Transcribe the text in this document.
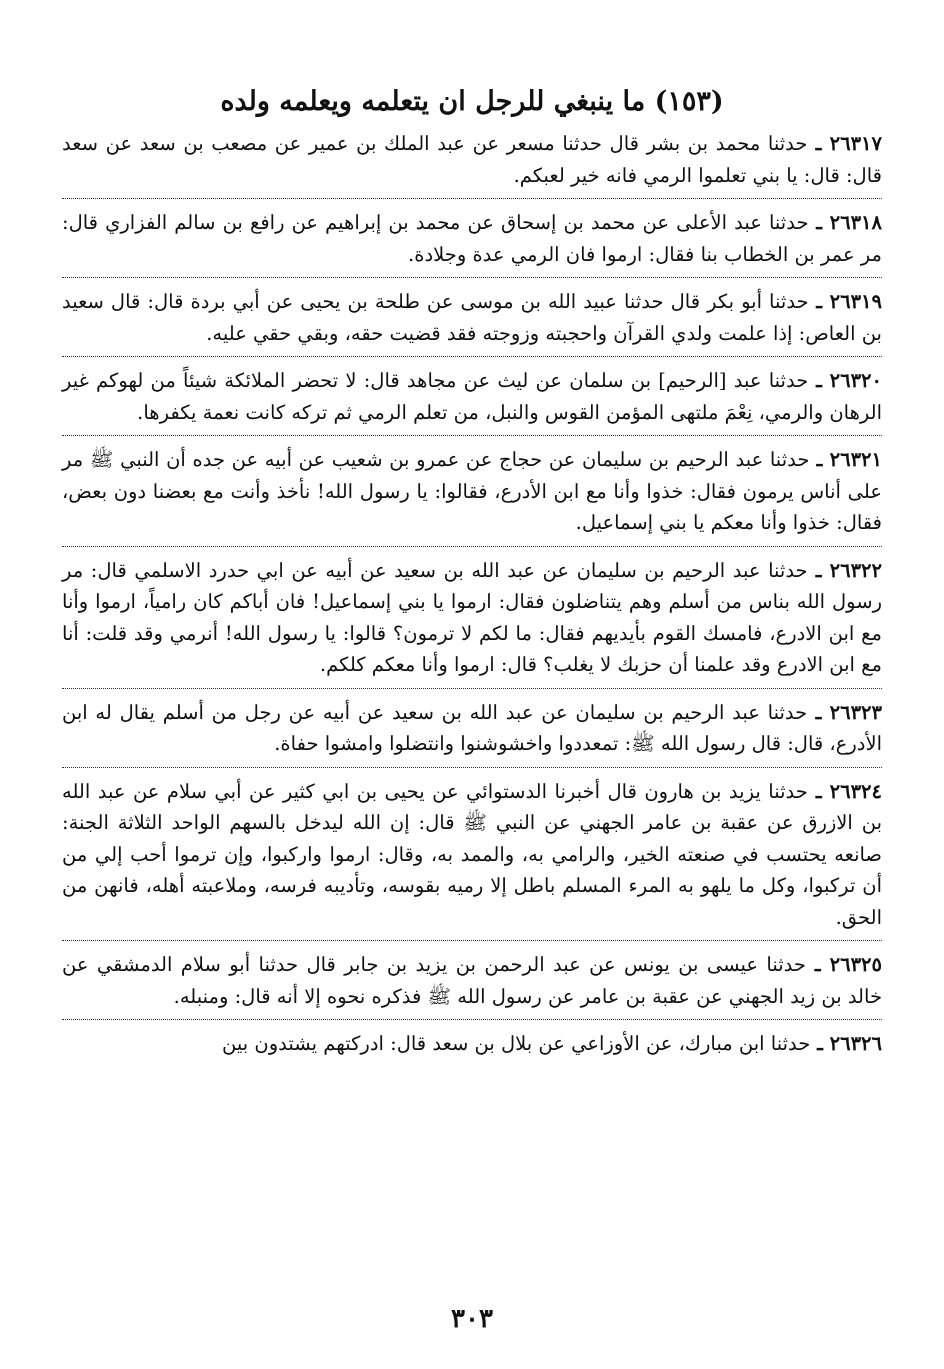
(١٥٣) ما ينبغي للرجل ان يتعلمه ويعلمه ولده

٢٦٣١٧ ـ حدثنا محمد بن بشر قال حدثنا مسعر عن عبد الملك بن عمير عن مصعب بن سعد عن سعد قال: قال: يا بني تعلموا الرمي فانه خير لعبكم.

٢٦٣١٨ ـ حدثنا عبد الأعلى عن محمد بن إسحاق عن محمد بن إبراهيم عن رافع بن سالم الفزاري قال: مر عمر بن الخطاب بنا فقال: ارموا فان الرمي عدة وجلادة.

٢٦٣١٩ ـ حدثنا أبو بكر قال حدثنا عبيد الله بن موسى عن طلحة بن يحيى عن أبي بردة قال: قال سعيد بن العاص: إذا علمت ولدي القرآن واحجبته وزوجته فقد قضيت حقه، وبقي حقي عليه.

٢٦٣٢٠ ـ حدثنا عبد [الرحيم] بن سلمان عن ليث عن مجاهد قال: لا تحضر الملائكة شيئاً من لهوكم غير الرهان والرمي، نِعْمَ ملتهى المؤمن القوس والنبل، من تعلم الرمي ثم تركه كانت نعمة يكفرها.

٢٦٣٢١ ـ حدثنا عبد الرحيم بن سليمان عن حجاج عن عمرو بن شعيب عن أبيه عن جده أن النبي ﷺ مر على أناس يرمون فقال: خذوا وأنا مع ابن الأدرع، فقالوا: يا رسول الله! نأخذ وأنت مع بعضنا دون بعض، فقال: خذوا وأنا معكم يا بني إسماعيل.

٢٦٣٢٢ ـ حدثنا عبد الرحيم بن سليمان عن عبد الله بن سعيد عن أبيه عن ابي حدرد الاسلمي قال: مر رسول الله بناس من أسلم وهم يتناضلون فقال: ارموا يا بني إسماعيل! فان أباكم كان رامياً، ارموا وأنا مع ابن الادرع، فامسك القوم بأيديهم فقال: ما لكم لا ترمون؟ قالوا: يا رسول الله! أنرمي وقد قلت: أنا مع ابن الادرع وقد علمنا أن حزبك لا يغلب؟ قال: ارموا وأنا معكم كلكم.

٢٦٣٢٣ ـ حدثنا عبد الرحيم بن سليمان عن عبد الله بن سعيد عن أبيه عن رجل من أسلم يقال له ابن الأدرع، قال: قال رسول الله ﷺ: تمعددوا واخشوشنوا وانتضلوا وامشوا حفاة.

٢٦٣٢٤ ـ حدثنا يزيد بن هارون قال أخبرنا الدستوائي عن يحيى بن ابي كثير عن أبي سلام عن عبد الله بن الازرق عن عقبة بن عامر الجهني عن النبي ﷺ قال: إن الله ليدخل بالسهم الواحد الثلاثة الجنة: صانعه يحتسب في صنعته الخير، والرامي به، والممد به، وقال: ارموا واركبوا، وإن ترموا أحب إلي من أن تركبوا، وكل ما يلهو به المرء المسلم باطل إلا رميه بقوسه، وتأديبه فرسه، وملاعبته أهله، فانهن من الحق.

٢٦٣٢٥ ـ حدثنا عيسى بن يونس عن عبد الرحمن بن يزيد بن جابر قال حدثنا أبو سلام الدمشقي عن خالد بن زيد الجهني عن عقبة بن عامر عن رسول الله ﷺ فذكره نحوه إلا أنه قال: ومنبله.

٢٦٣٢٦ ـ حدثنا ابن مبارك، عن الأوزاعي عن بلال بن سعد قال: ادركتهم يشتدون بين

٣٠٣
